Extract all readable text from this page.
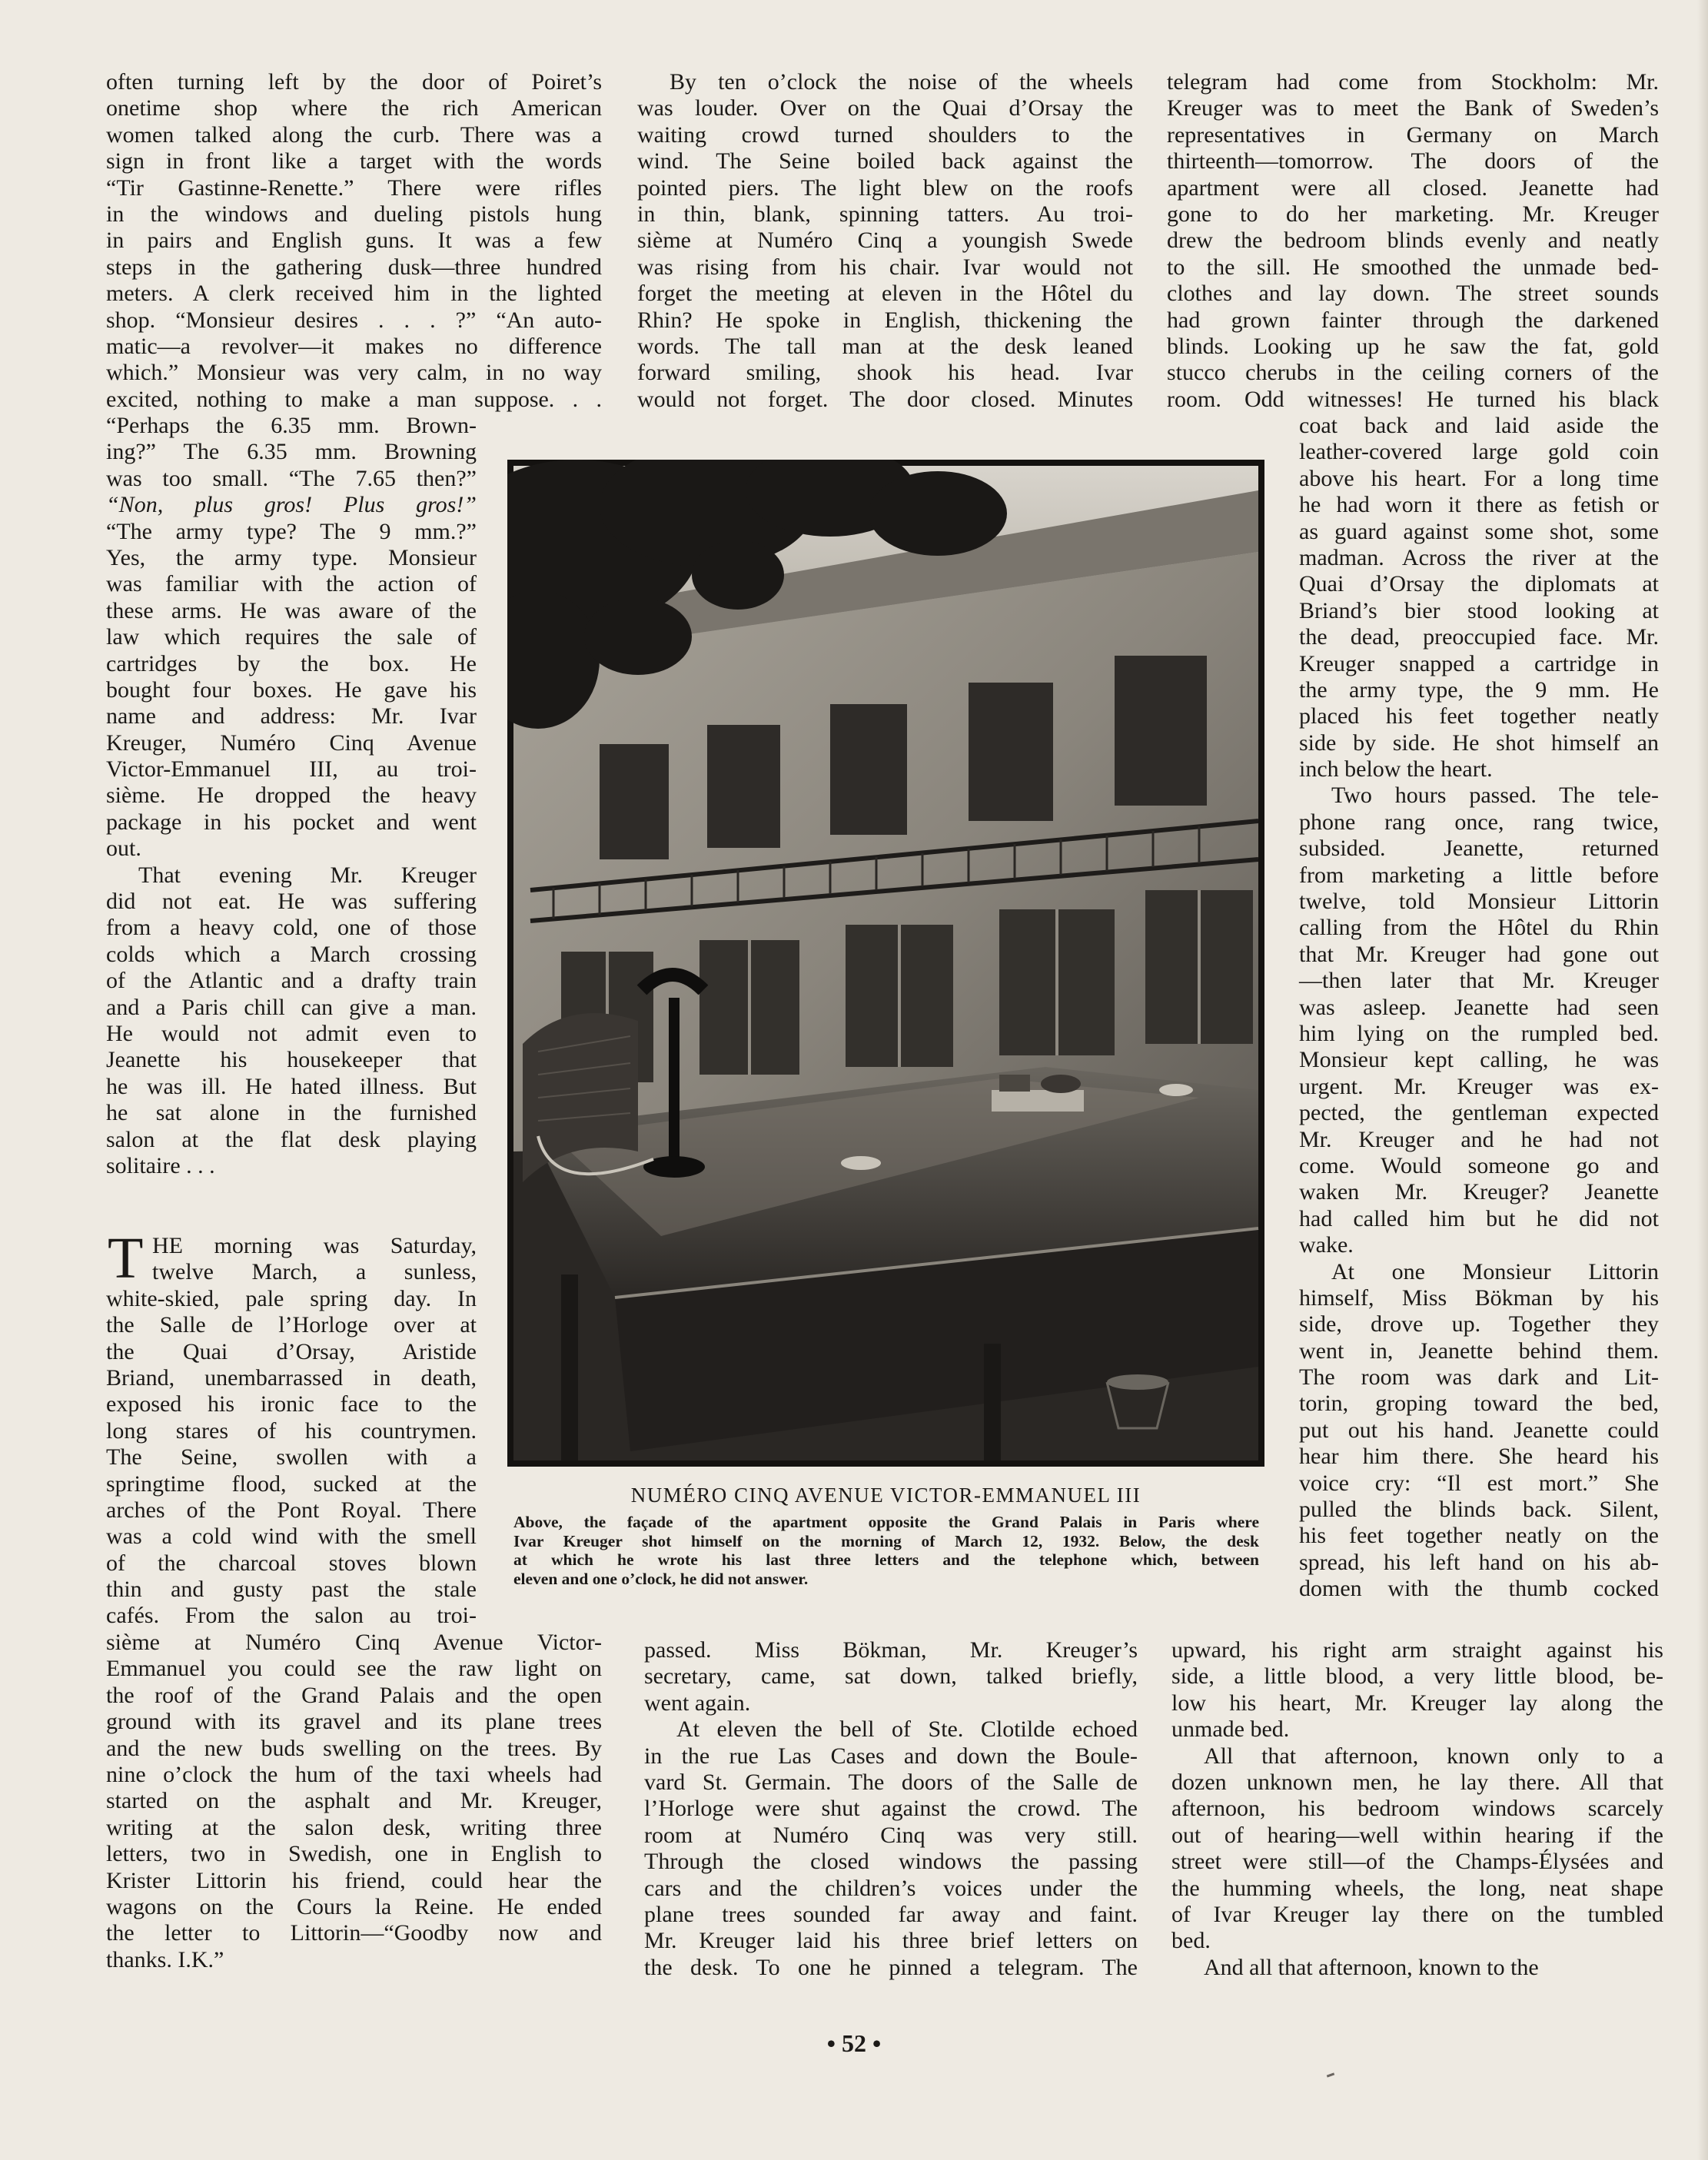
often turning left by the door of Poiret’s
onetime shop where the rich American
women talked along the curb. There was a
sign in front like a target with the words
“Tir Gastinne-Renette.” There were rifles
in the windows and dueling pistols hung
in pairs and English guns. It was a few
steps in the gathering dusk—three hundred
meters. A clerk received him in the lighted
shop. “Monsieur desires . . . ?” “An auto-
matic—a revolver—it makes no difference
which.” Monsieur was very calm, in no way
excited, nothing to make a man suppose. . .
“Perhaps the 6.35 mm. Brown-
ing?” The 6.35 mm. Browning
was too small. “The 7.65 then?”
“Non, plus gros! Plus gros!”
“The army type? The 9 mm.?”
Yes, the army type. Monsieur
was familiar with the action of
these arms. He was aware of the
law which requires the sale of
cartridges by the box. He
bought four boxes. He gave his
name and address: Mr. Ivar
Kreuger, Numéro Cinq Avenue
Victor-Emmanuel III, au troi-
sième. He dropped the heavy
package in his pocket and went
out.
That evening Mr. Kreuger
did not eat. He was suffering
from a heavy cold, one of those
colds which a March crossing
of the Atlantic and a drafty train
and a Paris chill can give a man.
He would not admit even to
Jeanette his housekeeper that
he was ill. He hated illness. But
he sat alone in the furnished
salon at the flat desk playing
solitaire . . .
T HE morning was Saturday,
twelve March, a sunless,
white-skied, pale spring day. In
the Salle de l’Horloge over at
the Quai d’Orsay, Aristide
Briand, unembarrassed in death,
exposed his ironic face to the
long stares of his countrymen.
The Seine, swollen with a
springtime flood, sucked at the
arches of the Pont Royal. There
was a cold wind with the smell
of the charcoal stoves blown
thin and gusty past the stale
cafés. From the salon au troi-
sième at Numéro Cinq Avenue Victor-
Emmanuel you could see the raw light on
the roof of the Grand Palais and the open
ground with its gravel and its plane trees
and the new buds swelling on the trees. By
nine o’clock the hum of the taxi wheels had
started on the asphalt and Mr. Kreuger,
writing at the salon desk, writing three
letters, two in Swedish, one in English to
Krister Littorin his friend, could hear the
wagons on the Cours la Reine. He ended
the letter to Littorin—“Goodby now and
thanks. I.K.”
By ten o’clock the noise of the wheels
was louder. Over on the Quai d’Orsay the
waiting crowd turned shoulders to the
wind. The Seine boiled back against the
pointed piers. The light blew on the roofs
in thin, blank, spinning tatters. Au troi-
sième at Numéro Cinq a youngish Swede
was rising from his chair. Ivar would not
forget the meeting at eleven in the Hôtel du
Rhin? He spoke in English, thickening the
words. The tall man at the desk leaned
forward smiling, shook his head. Ivar
would not forget. The door closed. Minutes
passed. Miss Bökman, Mr. Kreuger’s
secretary, came, sat down, talked briefly,
went again.
At eleven the bell of Ste. Clotilde echoed
in the rue Las Cases and down the Boule-
vard St. Germain. The doors of the Salle de
l’Horloge were shut against the crowd. The
room at Numéro Cinq was very still.
Through the closed windows the passing
cars and the children’s voices under the
plane trees sounded far away and faint.
Mr. Kreuger laid his three brief letters on
the desk. To one he pinned a telegram. The
telegram had come from Stockholm: Mr.
Kreuger was to meet the Bank of Sweden’s
representatives in Germany on March
thirteenth—tomorrow. The doors of the
apartment were all closed. Jeanette had
gone to do her marketing. Mr. Kreuger
drew the bedroom blinds evenly and neatly
to the sill. He smoothed the unmade bed-
clothes and lay down. The street sounds
had grown fainter through the darkened
blinds. Looking up he saw the fat, gold
stucco cherubs in the ceiling corners of the
room. Odd witnesses! He turned his black
coat back and laid aside the
leather-covered large gold coin
above his heart. For a long time
he had worn it there as fetish or
as guard against some shot, some
madman. Across the river at the
Quai d’Orsay the diplomats at
Briand’s bier stood looking at
the dead, preoccupied face. Mr.
Kreuger snapped a cartridge in
the army type, the 9 mm. He
placed his feet together neatly
side by side. He shot himself an
inch below the heart.
Two hours passed. The tele-
phone rang once, rang twice,
subsided. Jeanette, returned
from marketing a little before
twelve, told Monsieur Littorin
calling from the Hôtel du Rhin
that Mr. Kreuger had gone out
—then later that Mr. Kreuger
was asleep. Jeanette had seen
him lying on the rumpled bed.
Monsieur kept calling, he was
urgent. Mr. Kreuger was ex-
pected, the gentleman expected
Mr. Kreuger and he had not
come. Would someone go and
waken Mr. Kreuger? Jeanette
had called him but he did not
wake.
At one Monsieur Littorin
himself, Miss Bökman by his
side, drove up. Together they
went in, Jeanette behind them.
The room was dark and Lit-
torin, groping toward the bed,
put out his hand. Jeanette could
hear him there. She heard his
voice cry: “Il est mort.” She
pulled the blinds back. Silent,
his feet together neatly on the
spread, his left hand on his ab-
domen with the thumb cocked
upward, his right arm straight against his
side, a little blood, a very little blood, be-
low his heart, Mr. Kreuger lay along the
unmade bed.
All that afternoon, known only to a
dozen unknown men, he lay there. All that
afternoon, his bedroom windows scarcely
out of hearing—well within hearing if the
street were still—of the Champs-Élysées and
the humming wheels, the long, neat shape
of Ivar Kreuger lay there on the tumbled
bed.
And all that afternoon, known to the
NUMÉRO CINQ AVENUE VICTOR-EMMANUEL III
Above, the façade of the apartment opposite the Grand Palais in Paris where
Ivar Kreuger shot himself on the morning of March 12, 1932. Below, the desk
at which he wrote his last three letters and the telephone which, between
eleven and one o’clock, he did not answer.
• 52 •
